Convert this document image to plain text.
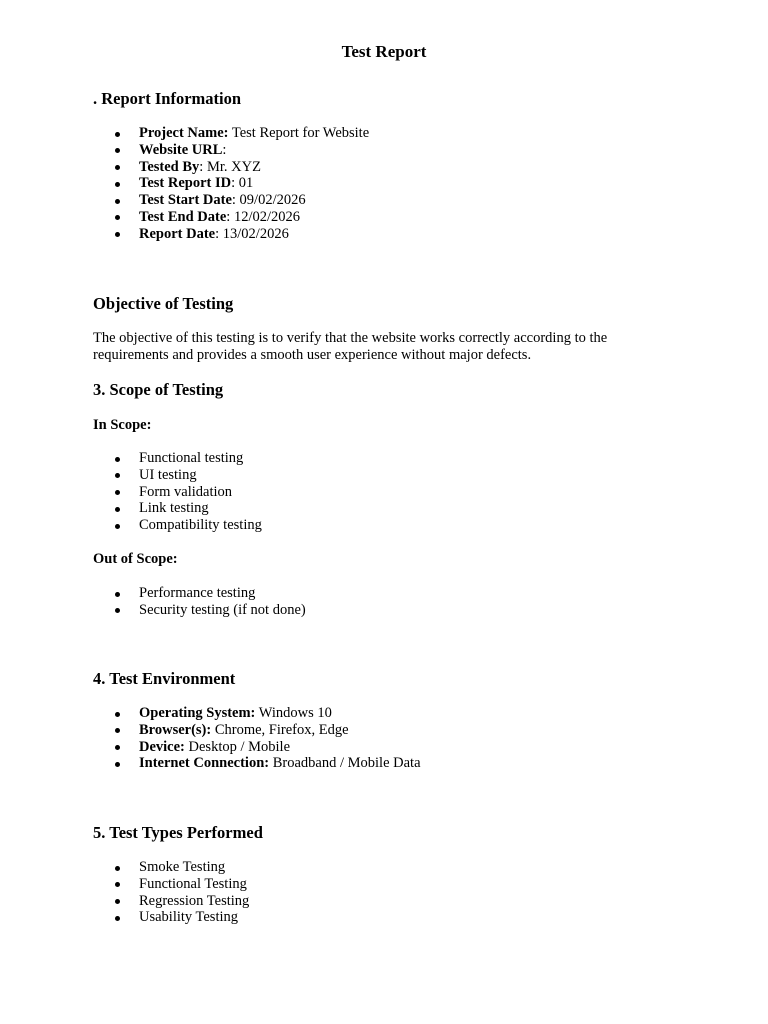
Test Report
. Report Information
Project Name: Test Report for Website
Website URL:
Tested By: Mr. XYZ
Test Report ID: 01
Test Start Date: 09/02/2026
Test End Date: 12/02/2026
Report Date: 13/02/2026
Objective of Testing

The objective of this testing is to verify that the website works correctly according to the requirements and provides a smooth user experience without major defects.

3. Scope of Testing
In Scope:
Functional testing
UI testing
Form validation
Link testing
Compatibility testing
Out of Scope:
Performance testing
Security testing (if not done)
4. Test Environment
Operating System: Windows 10
Browser(s): Chrome, Firefox, Edge
Device: Desktop / Mobile
Internet Connection: Broadband / Mobile Data
5. Test Types Performed
Smoke Testing
Functional Testing
Regression Testing
Usability Testing
